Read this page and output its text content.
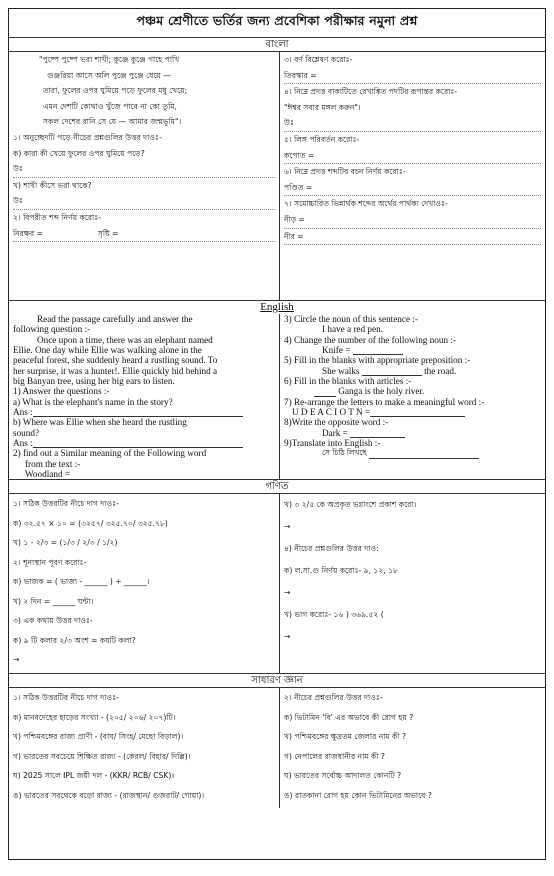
পঞ্চম শ্রেণীতে ভর্তির জন্য প্রবেশিকা পরীক্ষার নমুনা প্রশ্ন
বাংলা
"পুষ্পে পুষ্পে ভরা শাখী; কুঞ্জে কুঞ্জে গাহে পাখি
গুঞ্জরিয়া আসে অলি পুঞ্জে পুঞ্জে ধেয়ে —
তারা, ফুলের ওপর ঘুমিয়ে পড়ে ফুলের মধু খেয়ে;
এমন দেশটি কোথাও খুঁজে পাবে না কো তুমি,
সকল দেশের রানি সে যে — আমার জন্মভূমি"।
১। অনুচ্ছেদটি পড়ে নীচের প্রশ্নগুলির উত্তর দাওঃ-
ক) কারা কী খেয়ে ফুলের ওপর ঘুমিয়ে পড়ে?
উঃ
খ) শাখী কীসে ভরা থাকে?
উঃ
২। বিপরীত শব্দ নির্ণয় করোঃ-
নিরক্ষর =	সৃষ্টি =
৩। বর্ণ বিশ্লেষণ করোঃ-
তিরস্কার =
৪। নিম্নে প্রদত্ত বাক্যটিতে রেখাঙ্কিত পদটির রূপান্তর করোঃ-
"ঈশ্বর সবার মঙ্গল করুন"।
উঃ
৫। লিঙ্গ পরিবর্তন করোঃ-
কপোত =
৬। নিম্নে প্রদত্ত শব্দটির বচন নির্ণয় করোঃ-
পণ্ডিত =
৭। সমোচ্চারিত ভিন্নার্থক শব্দের অর্থের পার্থক্য দেখাওঃ-
নীড় =
নীর =
English
Read the passage carefully and answer the
following question :-
Once upon a time, there was an elephant named
Ellie. One day while Ellie was walking alone in the
peaceful forest, she suddenly heard a rustling sound. To
her surprise, it was a hunter!. Ellie quickly hid behind a
big Banyan tree, using her big ears to listen.
1) Answer the questions :-
a) What is the elephant's name in the story?
Ans :
b) Where was Ellie when she heard the rustling
sound?
Ans :
2) find out a Similar meaning of the Following word
from the text :-
Woodland =
3) Circle the noun of this sentence :-
I have a red pen.
4) Change the number of the following noun :-
Knife =
5) Fill in the blanks with appropriate preposition :-
She walks	the road.
6) Fill in the blanks with articles :-
Ganga is the holy river.
7) Re-arrange the letters to make a meaningful word :-
U D E A C I O T N =
8)Write the opposite word :-
Dark =
9)Translate into English :-
সে চিঠি লিখছে
গণিত
১। সঠিক উত্তরটির নীচে দাগ দাওঃ-
ক) ৩২.৫৭ × ১০ = (৩২৫৭/ ৩২৫.৭০/ ৩২৫.৭৮)
খ) ১ - ২/৩ = (১/৩ / ২/৩ / ১/২)
২। শূন্যস্থান পূরণ করোঃ-
ক) ভাজক = ( ভাজ্য - ______ ) ÷ ______।
খ) ২ দিন = ______ ঘন্টা।
৩) এক কথায় উত্তর দাওঃ-
ক) ৯ টি কলার ২/৩ অংশ = কয়টি কলা?
→
খ) ৩ ২/৫ কে অপ্রকৃত ভগ্নাংশে প্রকাশ করো।
→
৪) নীচের প্রশ্নগুলির উত্তর দাও:
ক) ল.সা.গু নির্ণয় করোঃ- ৯, ১২, ১৮
→
খ) ভাগ করোঃ- ১৬ ) ৩৬৯.৫২ (
→
সাধারণ জ্ঞান
১। সঠিক উত্তরটির নীচে দাগ দাওঃ-
ক) মানবদেহের হাড়ের সংখ্যা - (২০৫/ ২০৬/ ২০৭)টি।
খ) পশ্চিমবঙ্গের রাজ্য প্রাণী - (বাঘ/ সিংহ/ মেছো বিড়াল)।
গ) ভারতের সবচেয়ে শিক্ষিত রাজ্য - (কেরল/ বিহার/ দিল্লি)।
ঘ) 2025 সালে IPL জয়ী দল - (KKR/ RCB/ CSK)।
ঙ) ভারতের সবথেকে বড়ো রাজ্য - (রাজস্থান/ গুজরাট/ গোয়া)।
২। নীচের প্রশ্নগুলির উত্তর দাওঃ-
ক) ভিটামিন 'বি' এর অভাবে কী রোগ হয় ?
খ) পশ্চিমবঙ্গের ক্ষুদ্রতম জেলার নাম কী ?
গ) নেপালের রাজধানীর নাম কী ?
ঘ) ভারতের সর্বোচ্চ আদালত কোনটি ?
ঙ) রাতকানা রোগ হয় কোন ভিটামিনের অভাবে ?
